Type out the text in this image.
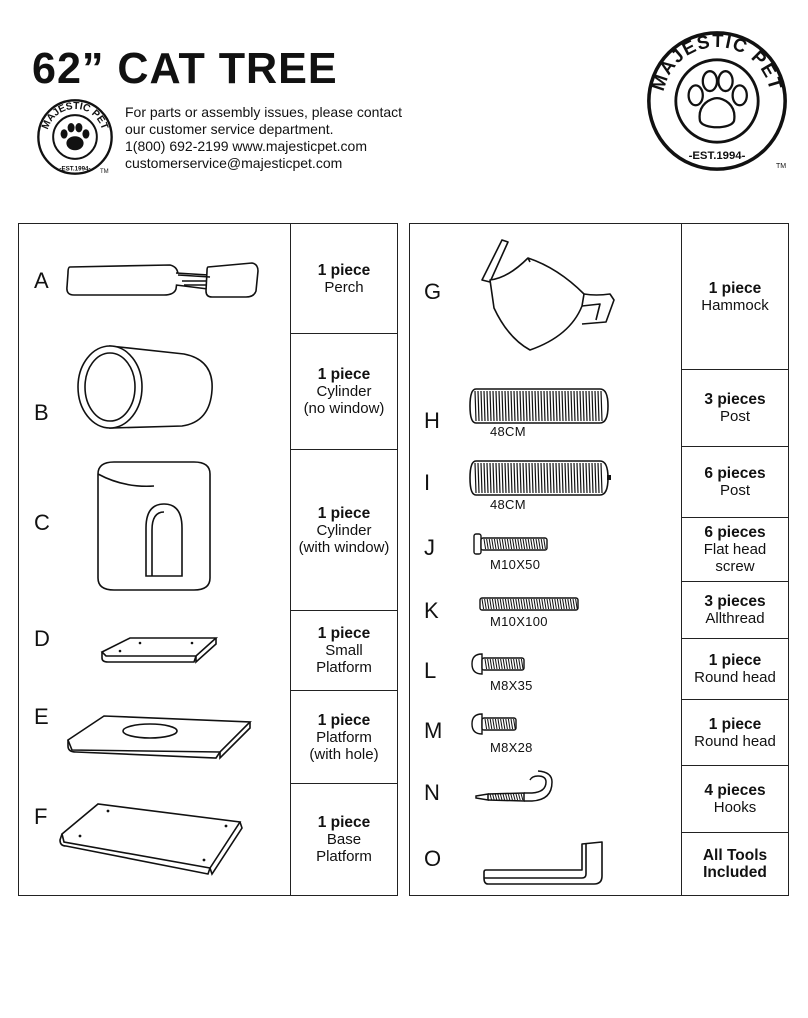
62” CAT TREE
For parts or assembly issues, please contact
our customer service department.
1(800) 692-2199 www.majesticpet.com
customerservice@majesticpet.com
MAJESTIC PET
-EST.1994- TM
MAJESTIC PET
-EST.1994-
TM
A
B
C
D
E
F
G
H
I
J
K
L
M
N
O
1 piece
Perch
1 piece
Cylinder
(no window)
1 piece
Cylinder
(with window)
1 piece
Small
Platform
1 piece
Platform
(with hole)
1 piece
Base
Platform
1 piece
Hammock
3 pieces
Post
6 pieces
Post
6 pieces
Flat head
screw
3 pieces
Allthread
1 piece
Round head
1 piece
Round head
4 pieces
Hooks
All Tools
Included
48CM
48CM
M10X50
M10X100
M8X35
M8X28
